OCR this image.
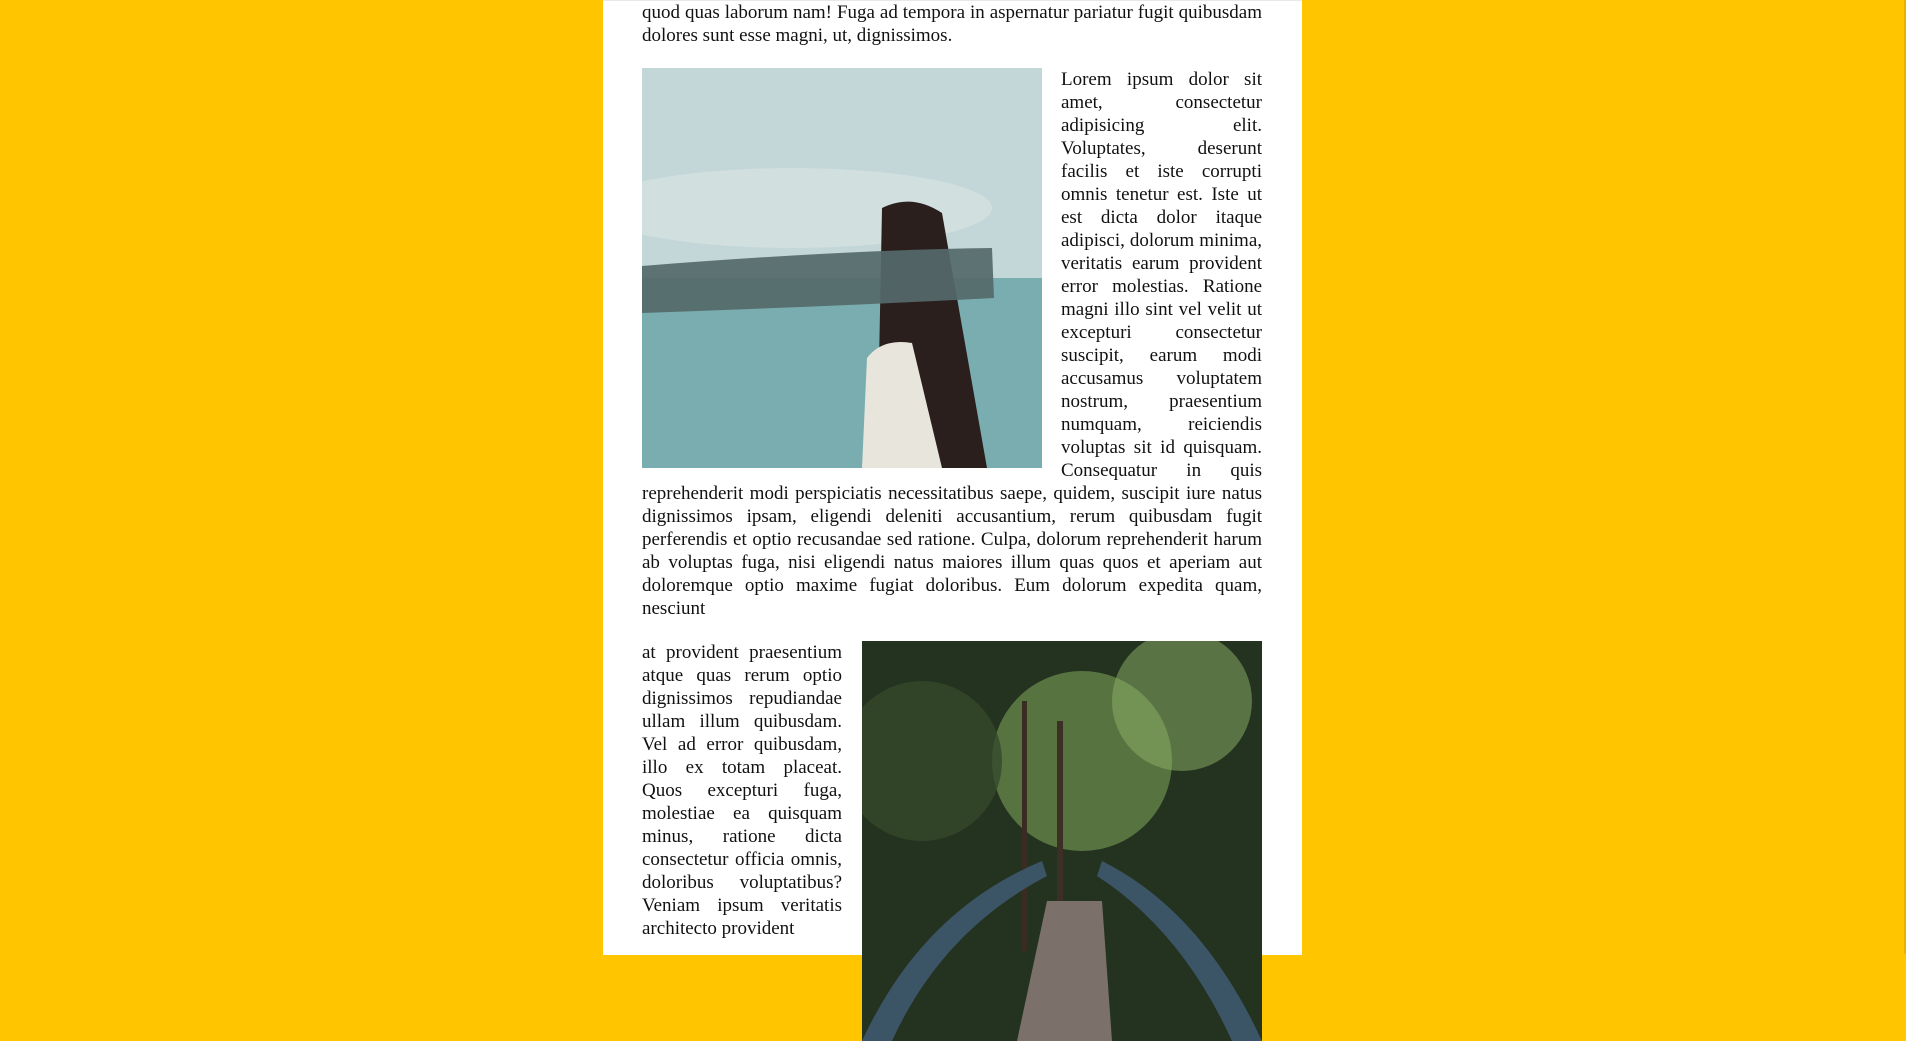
quod quas laborum nam! Fuga ad tempora in aspernatur pariatur fugit quibusdam dolores sunt esse magni, ut, dignissimos.

Lorem ipsum dolor sit amet, consectetur adipisicing elit. Voluptates, deserunt facilis et iste corrupti omnis tenetur est. Iste ut est dicta dolor itaque adipisci, dolorum minima, veritatis earum provident error molestias. Ratione magni illo sint vel velit ut excepturi consectetur suscipit, earum modi accusamus voluptatem nostrum, praesentium numquam, reiciendis voluptas sit id quisquam. Consequatur in quis reprehenderit modi perspiciatis necessitatibus saepe, quidem, suscipit iure natus dignissimos ipsam, eligendi deleniti accusantium, rerum quibusdam fugit perferendis et optio recusandae sed ratione. Culpa, dolorum reprehenderit harum ab voluptas fuga, nisi eligendi natus maiores illum quas quos et aperiam aut doloremque optio maxime fugiat doloribus. Eum dolorum expedita quam, nesciunt

at provident praesentium atque quas rerum optio dignissimos repudiandae ullam illum quibusdam. Vel ad error quibusdam, illo ex totam placeat. Quos excepturi fuga, molestiae ea quisquam minus, ratione dicta consectetur officia omnis, doloribus voluptatibus? Veniam ipsum veritatis architecto provident
